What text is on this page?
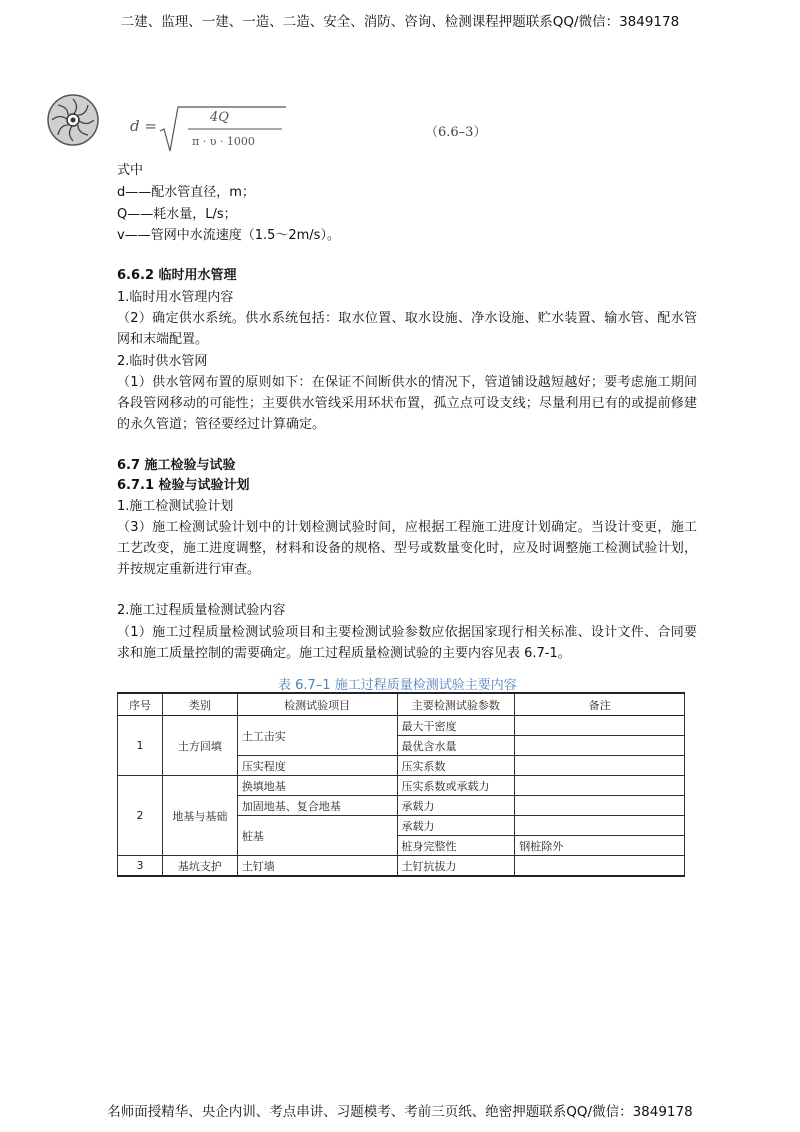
二建、监理、一建、一造、二造、安全、消防、咨询、检测课程押题联系QQ/微信：3849178
d =	4Q
π · υ · 1000
（6.6–3）
式中
d——配水管直径，m；
Q——耗水量，L/s；
v——管网中水流速度（1.5～2m/s）。
6.6.2 临时用水管理
1.临时用水管理内容
（2）确定供水系统。供水系统包括：取水位置、取水设施、净水设施、贮水装置、输水管、配水管网和末端配置。
2.临时供水管网
（1）供水管网布置的原则如下：在保证不间断供水的情况下，管道铺设越短越好；要考虑施工期间各段管网移动的可能性；主要供水管线采用环状布置，孤立点可设支线；尽量利用已有的或提前修建的永久管道；管径要经过计算确定。
6.7 施工检验与试验
6.7.1 检验与试验计划
1.施工检测试验计划
（3）施工检测试验计划中的计划检测试验时间，应根据工程施工进度计划确定。当设计变更，施工工艺改变，施工进度调整，材料和设备的规格、型号或数量变化时，应及时调整施工检测试验计划，并按规定重新进行审查。
2.施工过程质量检测试验内容
（1）施工过程质量检测试验项目和主要检测试验参数应依据国家现行相关标准、设计文件、合同要求和施工质量控制的需要确定。施工过程质量检测试验的主要内容见表 6.7-1。
表 6.7–1 施工过程质量检测试验主要内容
序号	类别	检测试验项目	主要检测试验参数	备注
1	土方回填	土工击实	最大干密度	
			最优含水量	
		压实程度	压实系数	
2	地基与基础	换填地基	压实系数或承载力	
		加固地基、复合地基	承载力	
		桩基	承载力	
			桩身完整性	钢桩除外
3	基坑支护	土钉墙	土钉抗拔力	
名师面授精华、央企内训、考点串讲、习题模考、考前三页纸、绝密押题联系QQ/微信：3849178
